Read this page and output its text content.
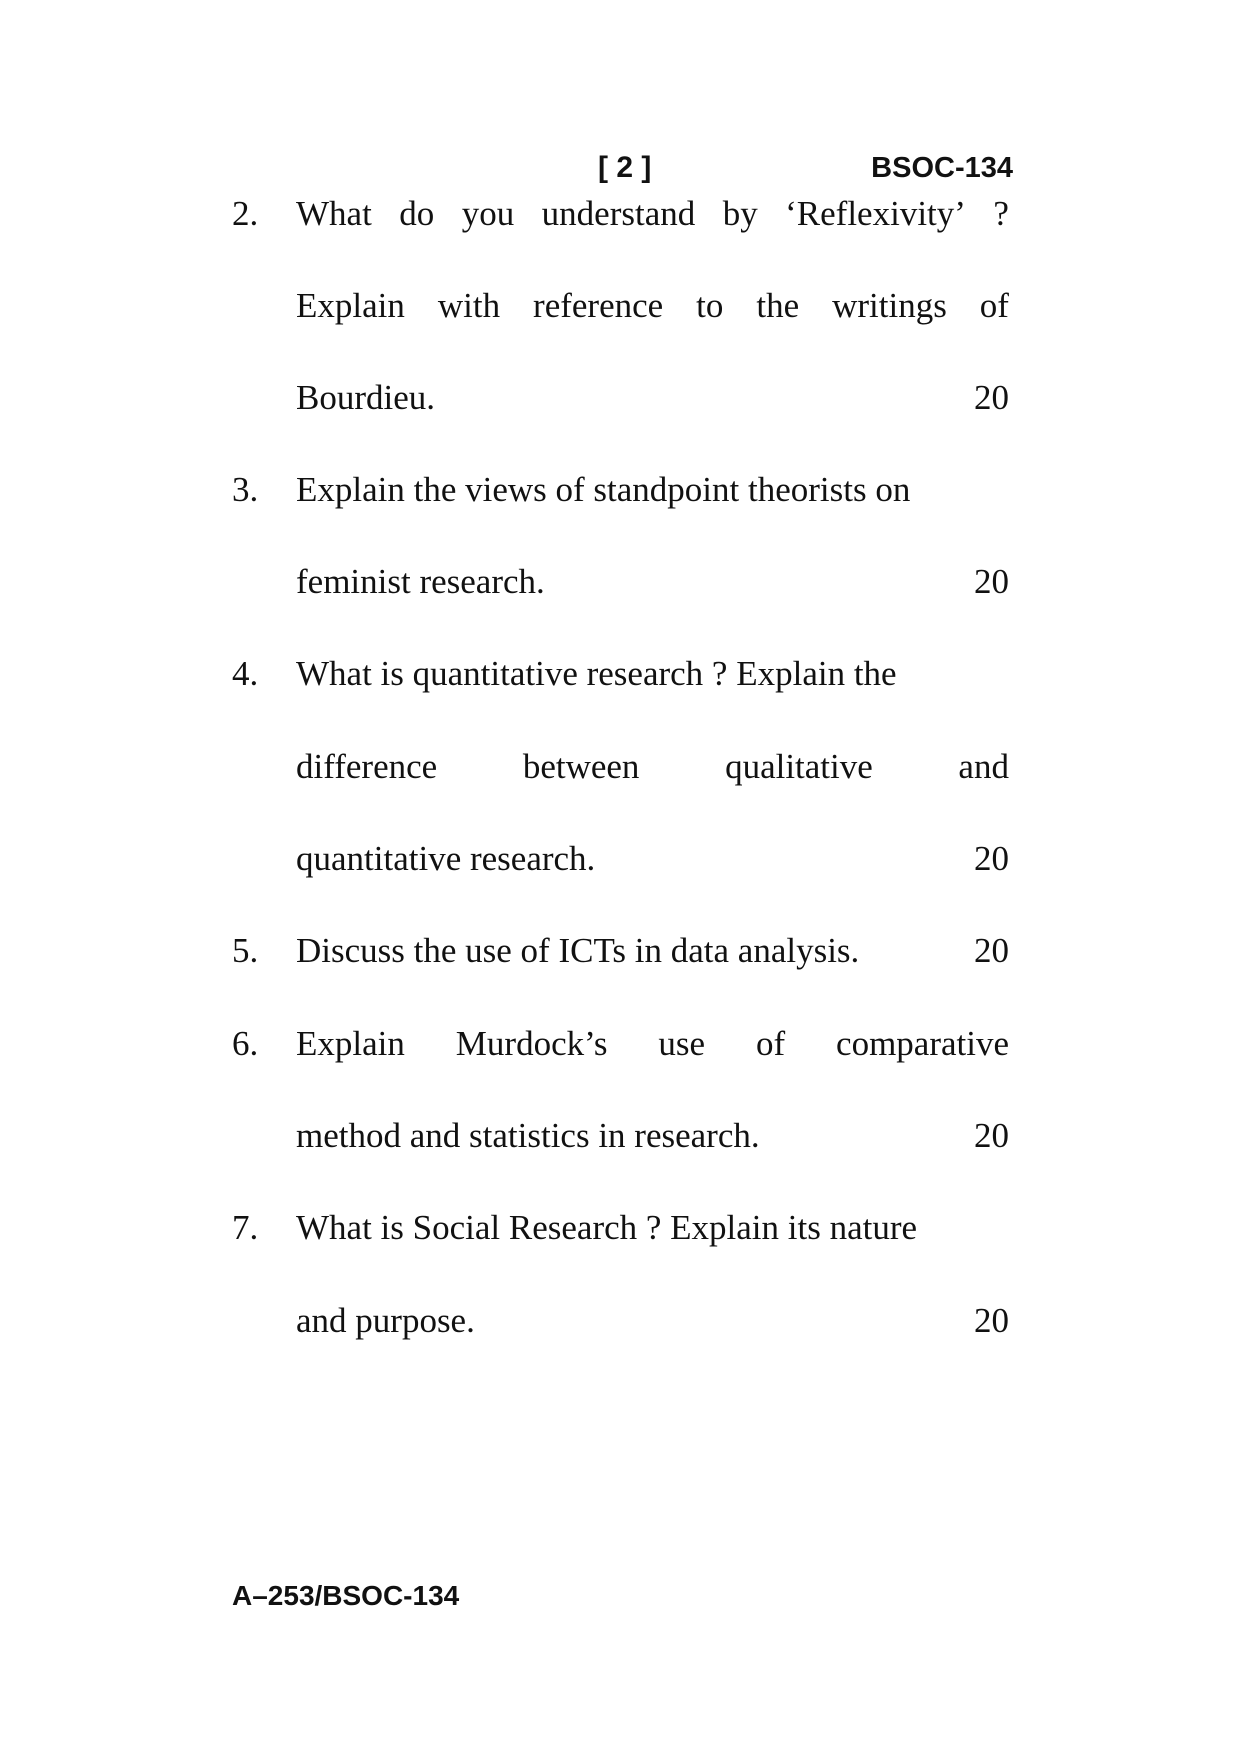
[ 2 ]	BSOC-134
2. What do you understand by ‘Reflexivity’ ?
Explain with reference to the writings of
Bourdieu.	20
3. Explain the views of standpoint theorists on
feminist research.	20
4. What is quantitative research ? Explain the
difference between qualitative and
quantitative research.	20
5. Discuss the use of ICTs in data analysis.	20
6. Explain Murdock’s use of comparative
method and statistics in research.	20
7. What is Social Research ? Explain its nature
and purpose.	20
A–253/BSOC-134
